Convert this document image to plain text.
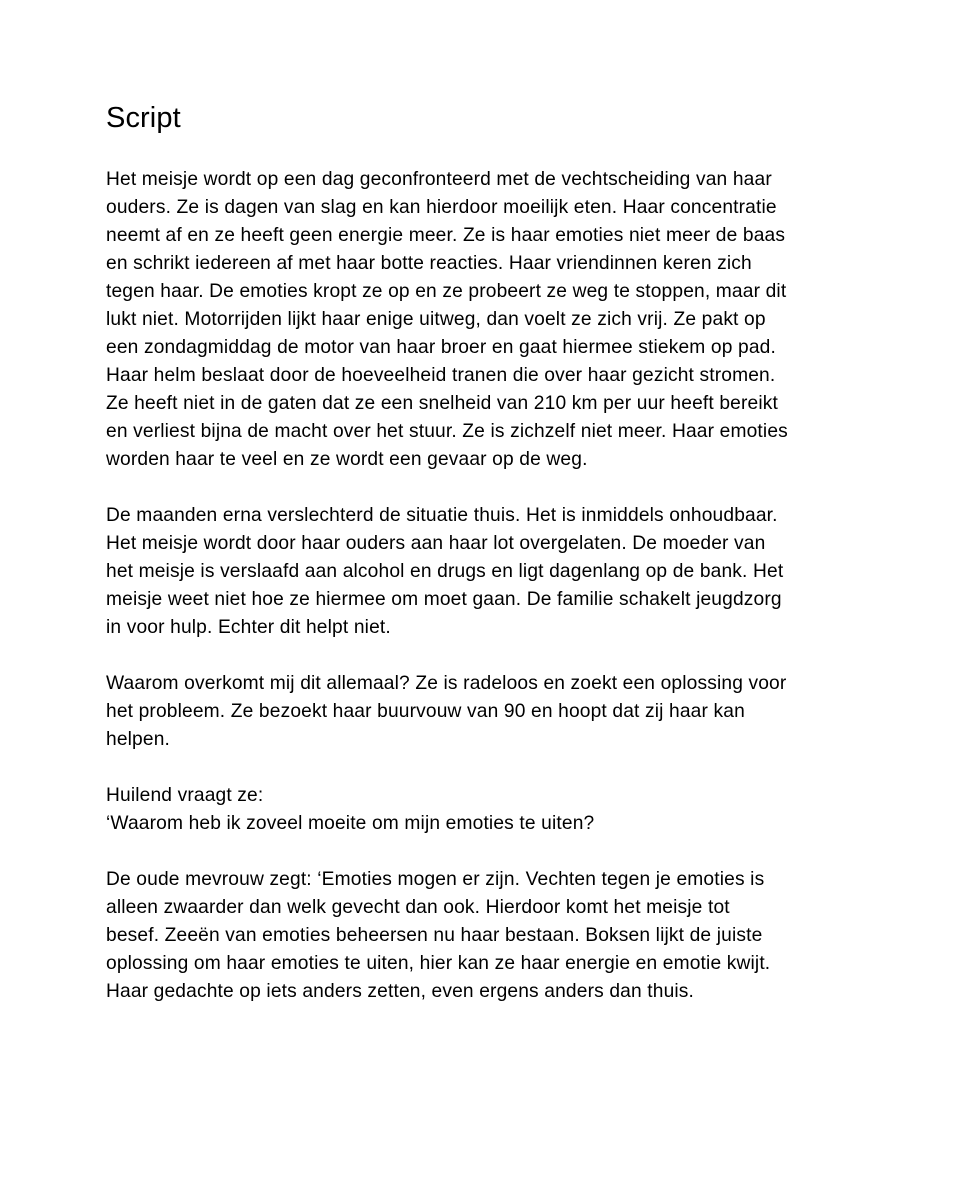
Script

Het meisje wordt op een dag geconfronteerd met de vechtscheiding van haar
ouders. Ze is dagen van slag en kan hierdoor moeilijk eten. Haar concentratie
neemt af en ze heeft geen energie meer. Ze is haar emoties niet meer de baas
en schrikt iedereen af met haar botte reacties. Haar vriendinnen keren zich
tegen haar. De emoties kropt ze op en ze probeert ze weg te stoppen, maar dit
lukt niet. Motorrijden lijkt haar enige uitweg, dan voelt ze zich vrij. Ze pakt op
een zondagmiddag de motor van haar broer en gaat hiermee stiekem op pad.
Haar helm beslaat door de hoeveelheid tranen die over haar gezicht stromen.
Ze heeft niet in de gaten dat ze een snelheid van 210 km per uur heeft bereikt
en verliest bijna de macht over het stuur. Ze is zichzelf niet meer. Haar emoties
worden haar te veel en ze wordt een gevaar op de weg.

De maanden erna verslechterd de situatie thuis. Het is inmiddels onhoudbaar.
Het meisje wordt door haar ouders aan haar lot overgelaten. De moeder van
het meisje is verslaafd aan alcohol en drugs en ligt dagenlang op de bank. Het
meisje weet niet hoe ze hiermee om moet gaan. De familie schakelt jeugdzorg
in voor hulp. Echter dit helpt niet.

Waarom overkomt mij dit allemaal? Ze is radeloos en zoekt een oplossing voor
het probleem. Ze bezoekt haar buurvouw van 90 en hoopt dat zij haar kan
helpen.

Huilend vraagt ze:
‘Waarom heb ik zoveel moeite om mijn emoties te uiten?

De oude mevrouw zegt: ‘Emoties mogen er zijn. Vechten tegen je emoties is
alleen zwaarder dan welk gevecht dan ook. Hierdoor komt het meisje tot
besef. Zeeën van emoties beheersen nu haar bestaan. Boksen lijkt de juiste
oplossing om haar emoties te uiten, hier kan ze haar energie en emotie kwijt.
Haar gedachte op iets anders zetten, even ergens anders dan thuis.
